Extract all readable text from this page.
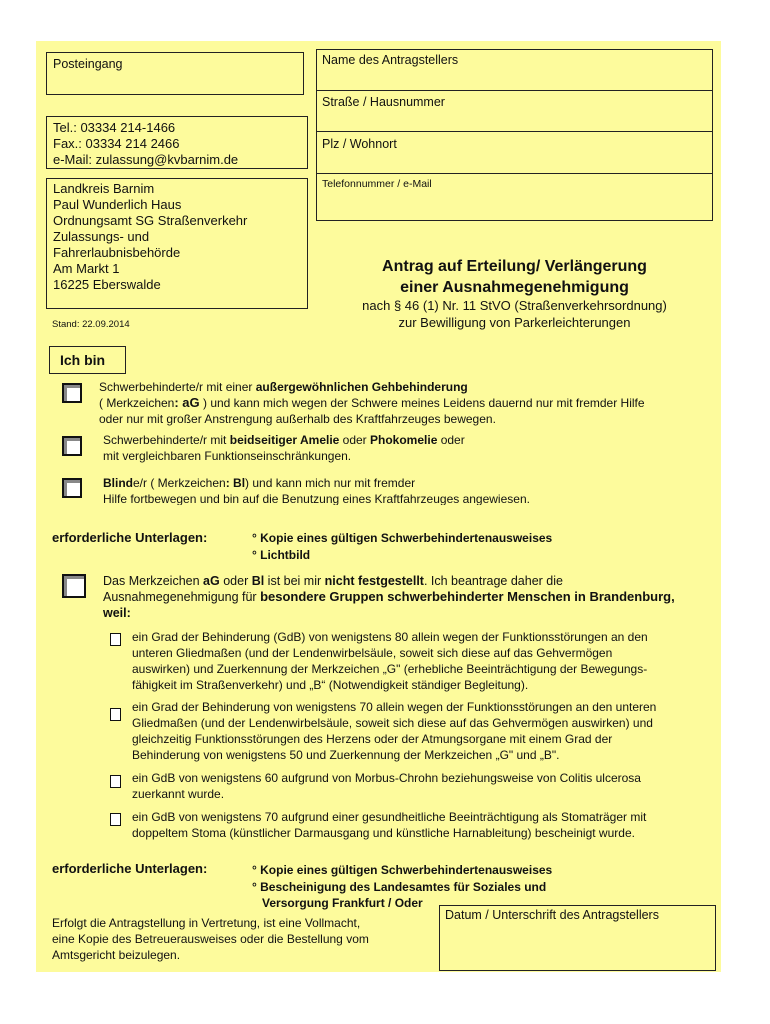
Posteingang	Name des Antragstellers
Straße / Hausnummer
Plz / Wohnort
Telefonnummer / e-Mail
Tel.: 03334 214-1466
Fax.: 03334 214 2466
e-Mail: zulassung@kvbarnim.de
Landkreis Barnim
Paul Wunderlich Haus
Ordnungsamt SG Straßenverkehr
Zulassungs- und
Fahrerlaubnisbehörde
Am Markt 1
16225 Eberswalde
Stand: 22.09.2014
Antrag auf Erteilung/ Verlängerung
einer Ausnahmegenehmigung
nach § 46 (1) Nr. 11 StVO (Straßenverkehrsordnung)
zur Bewilligung von Parkerleichterungen
Ich bin
Schwerbehinderte/r mit einer außergewöhnlichen Gehbehinderung
( Merkzeichen: aG ) und kann mich wegen der Schwere meines Leidens dauernd nur mit fremder Hilfe
oder nur mit großer Anstrengung außerhalb des Kraftfahrzeuges bewegen.
Schwerbehinderte/r mit beidseitiger Amelie oder Phokomelie oder
mit vergleichbaren Funktionseinschränkungen.
Blinde/r ( Merkzeichen: Bl) und kann mich nur mit fremder
Hilfe fortbewegen und bin auf die Benutzung eines Kraftfahrzeuges angewiesen.
erforderliche Unterlagen:	° Kopie eines gültigen Schwerbehindertenausweises
° Lichtbild
Das Merkzeichen aG oder Bl ist bei mir nicht festgestellt. Ich beantrage daher die
Ausnahmegenehmigung für besondere Gruppen schwerbehinderter Menschen in Brandenburg,
weil:
ein Grad der Behinderung (GdB) von wenigstens 80 allein wegen der Funktionsstörungen an den
unteren Gliedmaßen (und der Lendenwirbelsäule, soweit sich diese auf das Gehvermögen
auswirken) und Zuerkennung der Merkzeichen „G" (erhebliche Beeinträchtigung der Bewegungs-
fähigkeit im Straßenverkehr) und „B“ (Notwendigkeit ständiger Begleitung).
ein Grad der Behinderung von wenigstens 70 allein wegen der Funktionsstörungen an den unteren
Gliedmaßen (und der Lendenwirbelsäule, soweit sich diese auf das Gehvermögen auswirken) und
gleichzeitig Funktionsstörungen des Herzens oder der Atmungsorgane mit einem Grad der
Behinderung von wenigstens 50 und Zuerkennung der Merkzeichen „G" und „B".
ein GdB von wenigstens 60 aufgrund von Morbus-Chrohn beziehungsweise von Colitis ulcerosa
zuerkannt wurde.
ein GdB von wenigstens 70 aufgrund einer gesundheitliche Beeinträchtigung als Stomaträger mit
doppeltem Stoma (künstlicher Darmausgang und künstliche Harnableitung) bescheinigt wurde.
erforderliche Unterlagen:	° Kopie eines gültigen Schwerbehindertenausweises
° Bescheinigung des Landesamtes für Soziales und
Versorgung Frankfurt / Oder
Erfolgt die Antragstellung in Vertretung, ist eine Vollmacht,
eine Kopie des Betreuerausweises oder die Bestellung vom
Amtsgericht beizulegen.
Datum / Unterschrift des Antragstellers
